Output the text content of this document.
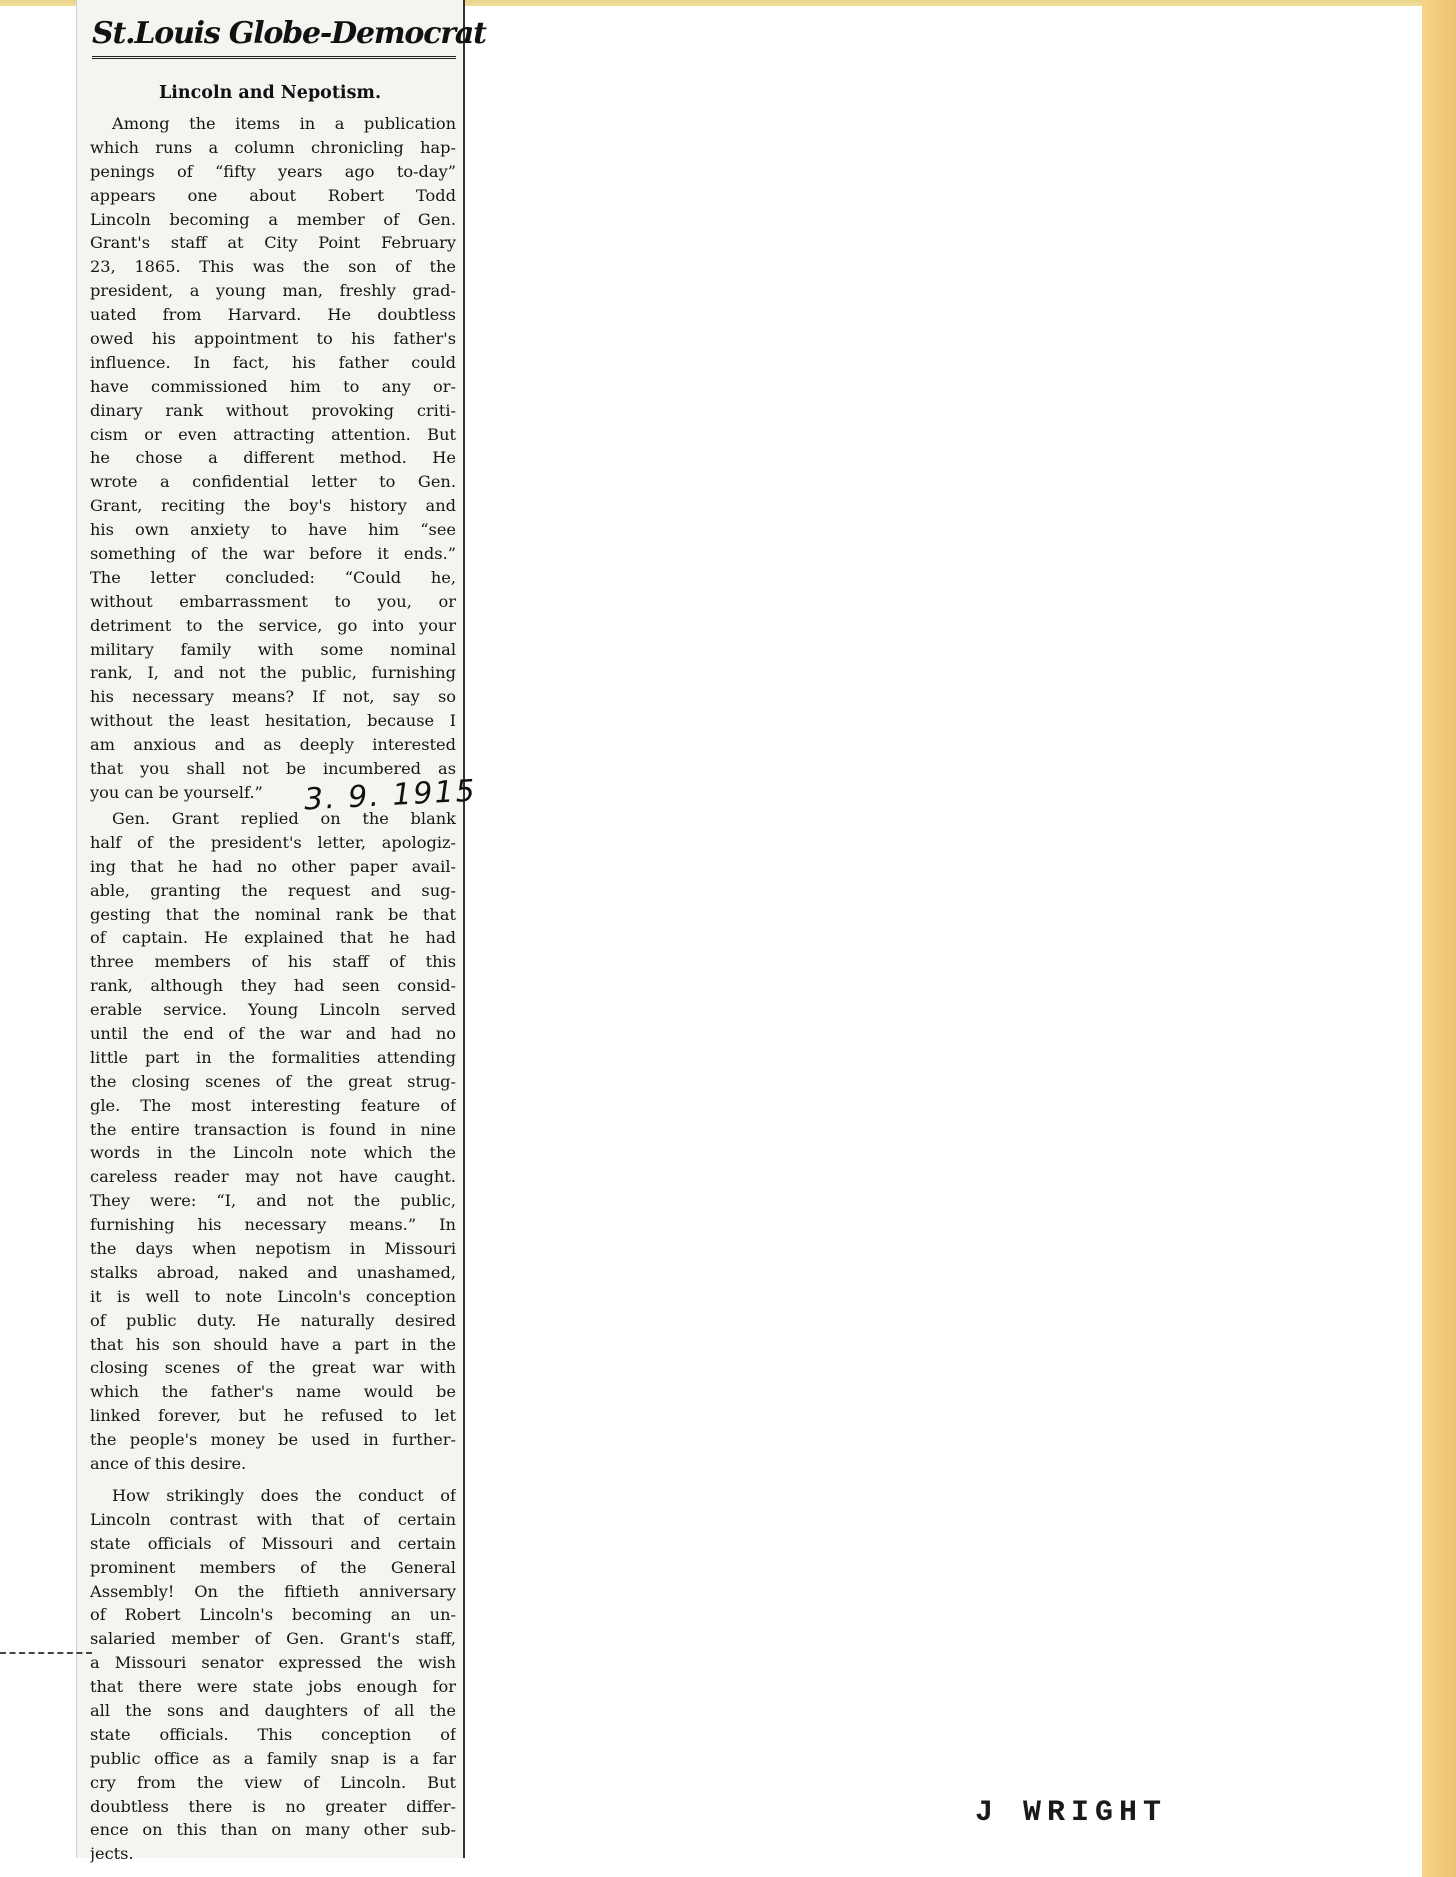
St.Louis Globe-Democrat
Lincoln and Nepotism.
Among the items in a publication
which runs a column chronicling hap-
penings of “fifty years ago to-day”
appears one about Robert Todd
Lincoln becoming a member of Gen.
Grant's staff at City Point February
23, 1865. This was the son of the
president, a young man, freshly grad-
uated from Harvard. He doubtless
owed his appointment to his father's
influence. In fact, his father could
have commissioned him to any or-
dinary rank without provoking criti-
cism or even attracting attention. But
he chose a different method. He
wrote a confidential letter to Gen.
Grant, reciting the boy's history and
his own anxiety to have him “see
something of the war before it ends.”
The letter concluded: “Could he,
without embarrassment to you, or
detriment to the service, go into your
military family with some nominal
rank, I, and not the public, furnishing
his necessary means? If not, say so
without the least hesitation, because I
am anxious and as deeply interested
that you shall not be incumbered as
you can be yourself.”
Gen. Grant replied on the blank
half of the president's letter, apologiz-
ing that he had no other paper avail-
able, granting the request and sug-
gesting that the nominal rank be that
of captain. He explained that he had
three members of his staff of this
rank, although they had seen consid-
erable service. Young Lincoln served
until the end of the war and had no
little part in the formalities attending
the closing scenes of the great strug-
gle. The most interesting feature of
the entire transaction is found in nine
words in the Lincoln note which the
careless reader may not have caught.
They were: “I, and not the public,
furnishing his necessary means.” In
the days when nepotism in Missouri
stalks abroad, naked and unashamed,
it is well to note Lincoln's conception
of public duty. He naturally desired
that his son should have a part in the
closing scenes of the great war with
which the father's name would be
linked forever, but he refused to let
the people's money be used in further-
ance of this desire.
How strikingly does the conduct of
Lincoln contrast with that of certain
state officials of Missouri and certain
prominent members of the General
Assembly! On the fiftieth anniversary
of Robert Lincoln's becoming an un-
salaried member of Gen. Grant's staff,
a Missouri senator expressed the wish
that there were state jobs enough for
all the sons and daughters of all the
state officials. This conception of
public office as a family snap is a far
cry from the view of Lincoln. But
doubtless there is no greater differ-
ence on this than on many other sub-
jects.
3. 9. 1915
J WRIGHT
